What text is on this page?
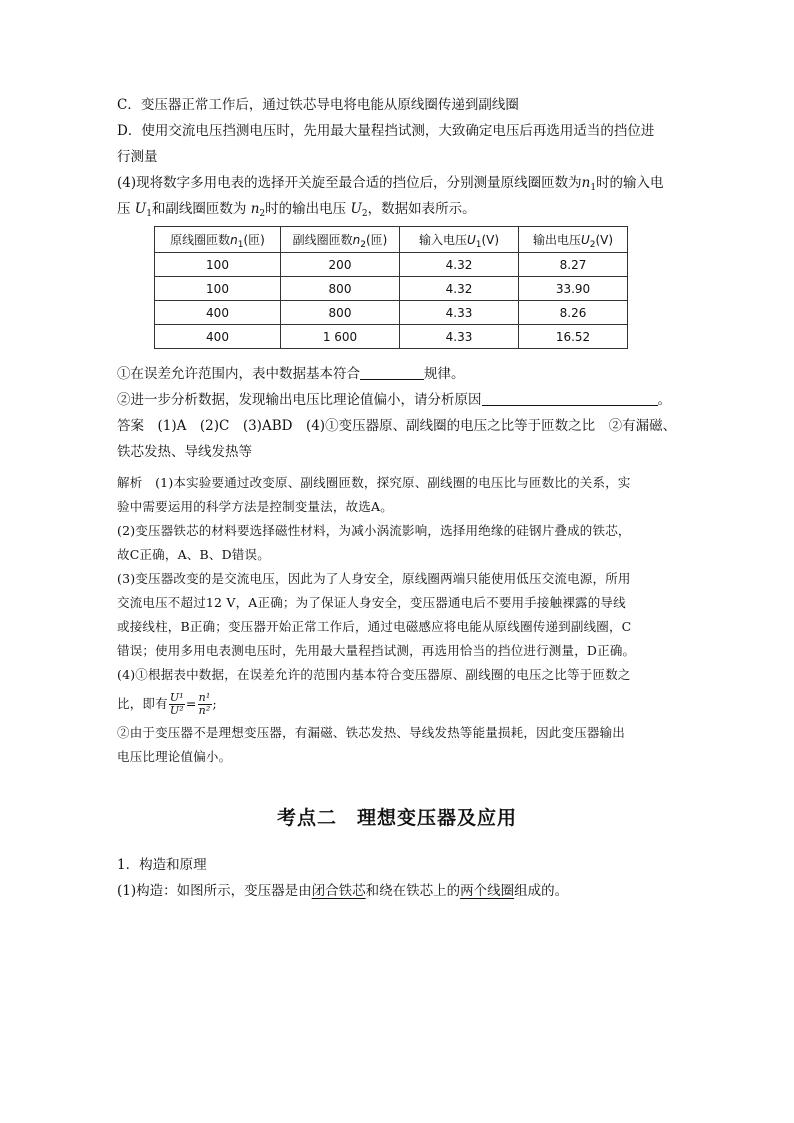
C．变压器正常工作后，通过铁芯导电将电能从原线圈传递到副线圈

D．使用交流电压挡测电压时，先用最大量程挡试测，大致确定电压后再选用适当的挡位进

行测量

(4)现将数字多用电表的选择开关旋至最合适的挡位后，分别测量原线圈匝数为$n_1$时的输入电

压 $U_1$和副线圈匝数为 $n_2$时的输出电压 $U_2$，数据如表所示。

原线圈匝数$n_1$(匝)	副线圈匝数$n_2$(匝)	输入电压$U_1(V)$	输出电压$U_2(V)$
100	200	4.32	8.27
100	800	4.32	33.90
400	800	4.33	8.26
400	1 600	4.33	16.52

①在误差允许范围内，表中数据基本符合	规律。

②进一步分析数据，发现输出电压比理论值偏小，请分析原因	。

答案　(1)A　(2)C　(3)ABD　(4)①变压器原、副线圈的电压之比等于匝数之比　②有漏磁、

铁芯发热、导线发热等

解析　(1)本实验要通过改变原、副线圈匝数，探究原、副线圈的电压比与匝数比的关系，实

验中需要运用的科学方法是控制变量法，故选A。

(2)变压器铁芯的材料要选择磁性材料，为减小涡流影响，选择用绝缘的硅钢片叠成的铁芯，

故C正确，A、B、D错误。

(3)变压器改变的是交流电压，因此为了人身安全，原线圈两端只能使用低压交流电源，所用

交流电压不超过12 V，A正确；为了保证人身安全，变压器通电后不要用手接触裸露的导线

或接线柱，B正确；变压器开始正常工作后，通过电磁感应将电能从原线圈传递到副线圈，C

错误；使用多用电表测电压时，先用最大量程挡试测，再选用恰当的挡位进行测量，D正确。

(4)①根据表中数据，在误差允许的范围内基本符合变压器原、副线圈的电压之比等于匝数之

比，即有 $\frac{\text{U¹}}{\text{U²}} = \frac{\text{n¹}}{\text{n²}}$ ;

②由于变压器不是理想变压器，有漏磁、铁芯发热、导线发热等能量损耗，因此变压器输出

电压比理论值偏小。

考点二　理想变压器及应用

1．构造和原理

(1)构造：如图所示，变压器是由闭合铁芯和绕在铁芯上的两个线圈组成的。
